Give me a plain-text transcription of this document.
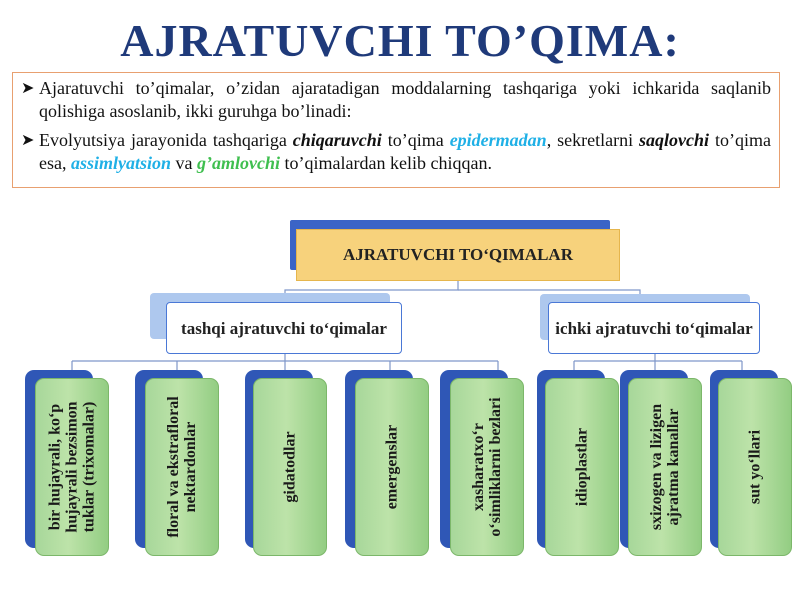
AJRATUVCHI TO’QIMA:
➤ Ajaratuvchi to’qimalar, o’zidan ajaratadigan moddalarning tashqariga yoki ichkarida saqlanib qolishiga asoslanib, ikki guruhga bo’linadi:
➤ Evolyutsiya jarayonida tashqariga chiqaruvchi to’qima epidermadan, sekretlarni saqlovchi to’qima esa, assimlyatsion va g’amlovchi to’qimalardan kelib chiqqan.
AJRATUVCHI TO‘QIMALAR
tashqi ajratuvchi to‘qimalar	ichki ajratuvchi to‘qimalar
bir hujayrali, ko‘p hujayrali bezsimon tuklar (trixomalar)	floral va ekstrafloral nektardonlar	gidatodlar	emergenslar	xasharatxo‘r o‘simliklarni bezlari	idioplastlar	sxizogen va lizigen ajratma kanallar	sut yo‘llari
